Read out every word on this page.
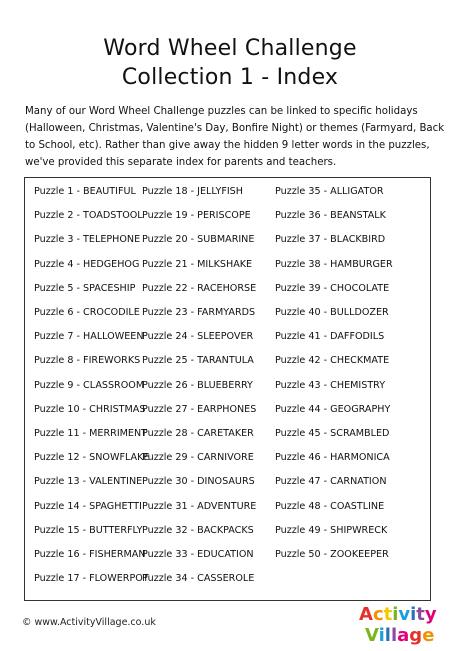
Word Wheel Challenge
Collection 1 - Index
Many of our Word Wheel Challenge puzzles can be linked to specific holidays (Halloween, Christmas, Valentine's Day, Bonfire Night) or themes (Farmyard, Back to School, etc). Rather than give away the hidden 9 letter words in the puzzles, we've provided this separate index for parents and teachers.
Puzzle 1 - BEAUTIFUL
Puzzle 2 - TOADSTOOL
Puzzle 3 - TELEPHONE
Puzzle 4 - HEDGEHOG
Puzzle 5 - SPACESHIP
Puzzle 6 - CROCODILE
Puzzle 7 - HALLOWEEN
Puzzle 8 - FIREWORKS
Puzzle 9 - CLASSROOM
Puzzle 10 - CHRISTMAS
Puzzle 11 - MERRIMENT
Puzzle 12 - SNOWFLAKE
Puzzle 13 - VALENTINE
Puzzle 14 - SPAGHETTI
Puzzle 15 - BUTTERFLY
Puzzle 16 - FISHERMAN
Puzzle 17 - FLOWERPOT
Puzzle 18 - JELLYFISH
Puzzle 19 - PERISCOPE
Puzzle 20 - SUBMARINE
Puzzle 21 - MILKSHAKE
Puzzle 22 - RACEHORSE
Puzzle 23 - FARMYARDS
Puzzle 24 - SLEEPOVER
Puzzle 25 - TARANTULA
Puzzle 26 - BLUEBERRY
Puzzle 27 - EARPHONES
Puzzle 28 - CARETAKER
Puzzle 29 - CARNIVORE
Puzzle 30 - DINOSAURS
Puzzle 31 - ADVENTURE
Puzzle 32 - BACKPACKS
Puzzle 33 - EDUCATION
Puzzle 34 - CASSEROLE
Puzzle 35 - ALLIGATOR
Puzzle 36 - BEANSTALK
Puzzle 37 - BLACKBIRD
Puzzle 38 - HAMBURGER
Puzzle 39 - CHOCOLATE
Puzzle 40 - BULLDOZER
Puzzle 41 - DAFFODILS
Puzzle 42 - CHECKMATE
Puzzle 43 - CHEMISTRY
Puzzle 44 - GEOGRAPHY
Puzzle 45 - SCRAMBLED
Puzzle 46 - HARMONICA
Puzzle 47 - CARNATION
Puzzle 48 - COASTLINE
Puzzle 49 - SHIPWRECK
Puzzle 50 - ZOOKEEPER
© www.ActivityVillage.co.uk	Activity
Village
